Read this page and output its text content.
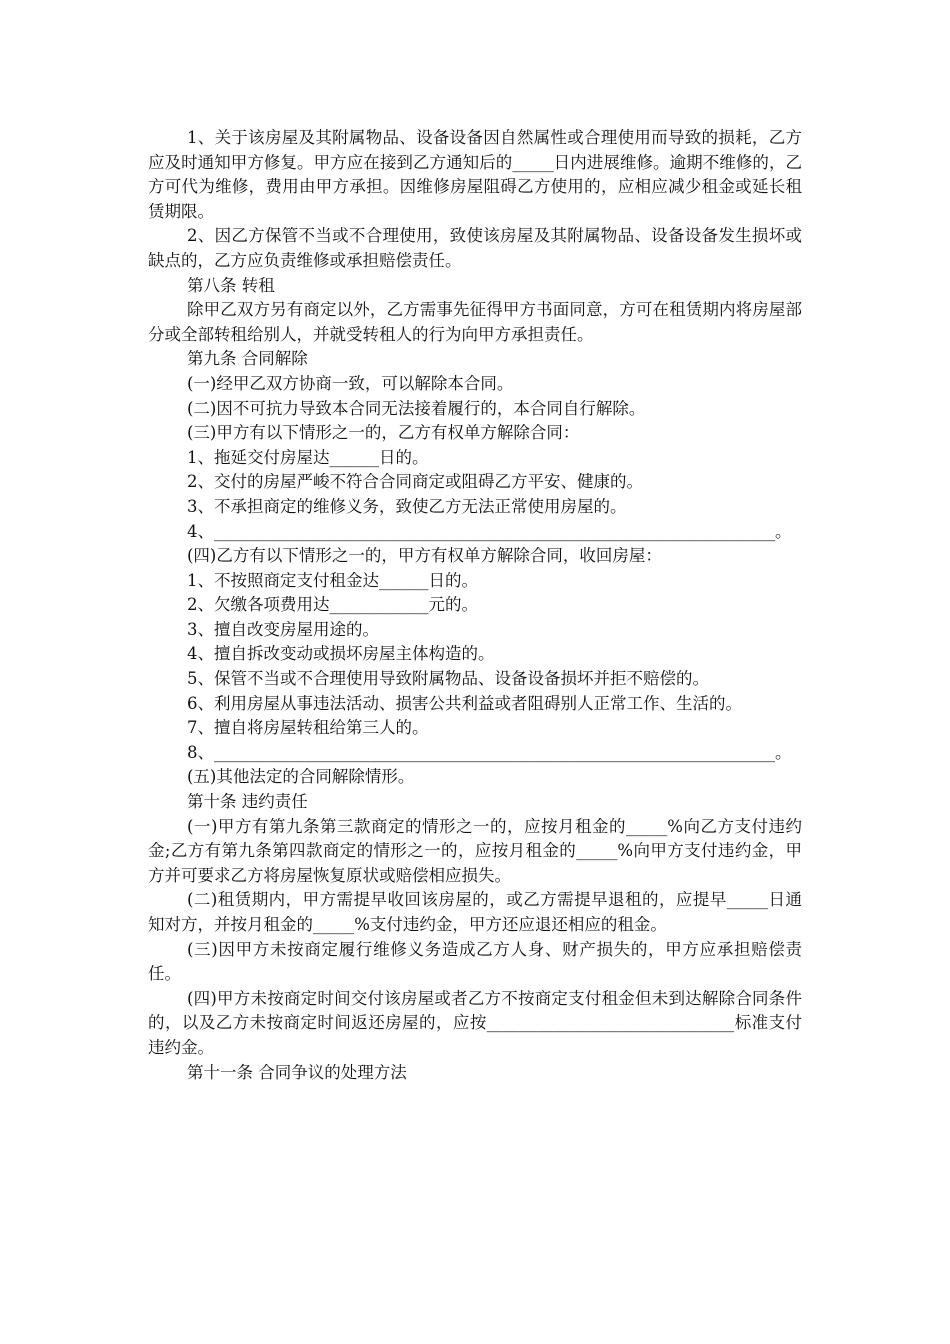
1、关于该房屋及其附属物品、设备设备因自然属性或合理使用而导致的损耗，乙方应及时通知甲方修复。甲方应在接到乙方通知后的_____日内进展维修。逾期不维修的，乙方可代为维修，费用由甲方承担。因维修房屋阻碍乙方使用的，应相应减少租金或延长租赁期限。

2、因乙方保管不当或不合理使用，致使该房屋及其附属物品、设备设备发生损坏或缺点的，乙方应负责维修或承担赔偿责任。

第八条 转租

除甲乙双方另有商定以外，乙方需事先征得甲方书面同意，方可在租赁期内将房屋部分或全部转租给别人，并就受转租人的行为向甲方承担责任。

第九条 合同解除

(一)经甲乙双方协商一致，可以解除本合同。

(二)因不可抗力导致本合同无法接着履行的，本合同自行解除。

(三)甲方有以下情形之一的，乙方有权单方解除合同：

1、拖延交付房屋达______日的。

2、交付的房屋严峻不符合合同商定或阻碍乙方平安、健康的。

3、不承担商定的维修义务，致使乙方无法正常使用房屋的。

4、____________________________________________________________________。

(四)乙方有以下情形之一的，甲方有权单方解除合同，收回房屋：

1、不按照商定支付租金达______日的。

2、欠缴各项费用达____________元的。

3、擅自改变房屋用途的。

4、擅自拆改变动或损坏房屋主体构造的。

5、保管不当或不合理使用导致附属物品、设备设备损坏并拒不赔偿的。

6、利用房屋从事违法活动、损害公共利益或者阻碍别人正常工作、生活的。

7、擅自将房屋转租给第三人的。

8、____________________________________________________________________。

(五)其他法定的合同解除情形。

第十条 违约责任

(一)甲方有第九条第三款商定的情形之一的，应按月租金的_____%向乙方支付违约金;乙方有第九条第四款商定的情形之一的，应按月租金的_____%向甲方支付违约金，甲方并可要求乙方将房屋恢复原状或赔偿相应损失。

(二)租赁期内，甲方需提早收回该房屋的，或乙方需提早退租的，应提早_____日通知对方，并按月租金的_____%支付违约金，甲方还应退还相应的租金。

(三)因甲方未按商定履行维修义务造成乙方人身、财产损失的，甲方应承担赔偿责任。

(四)甲方未按商定时间交付该房屋或者乙方不按商定支付租金但未到达解除合同条件的，以及乙方未按商定时间返还房屋的，应按______________________________标准支付违约金。

第十一条 合同争议的处理方法
